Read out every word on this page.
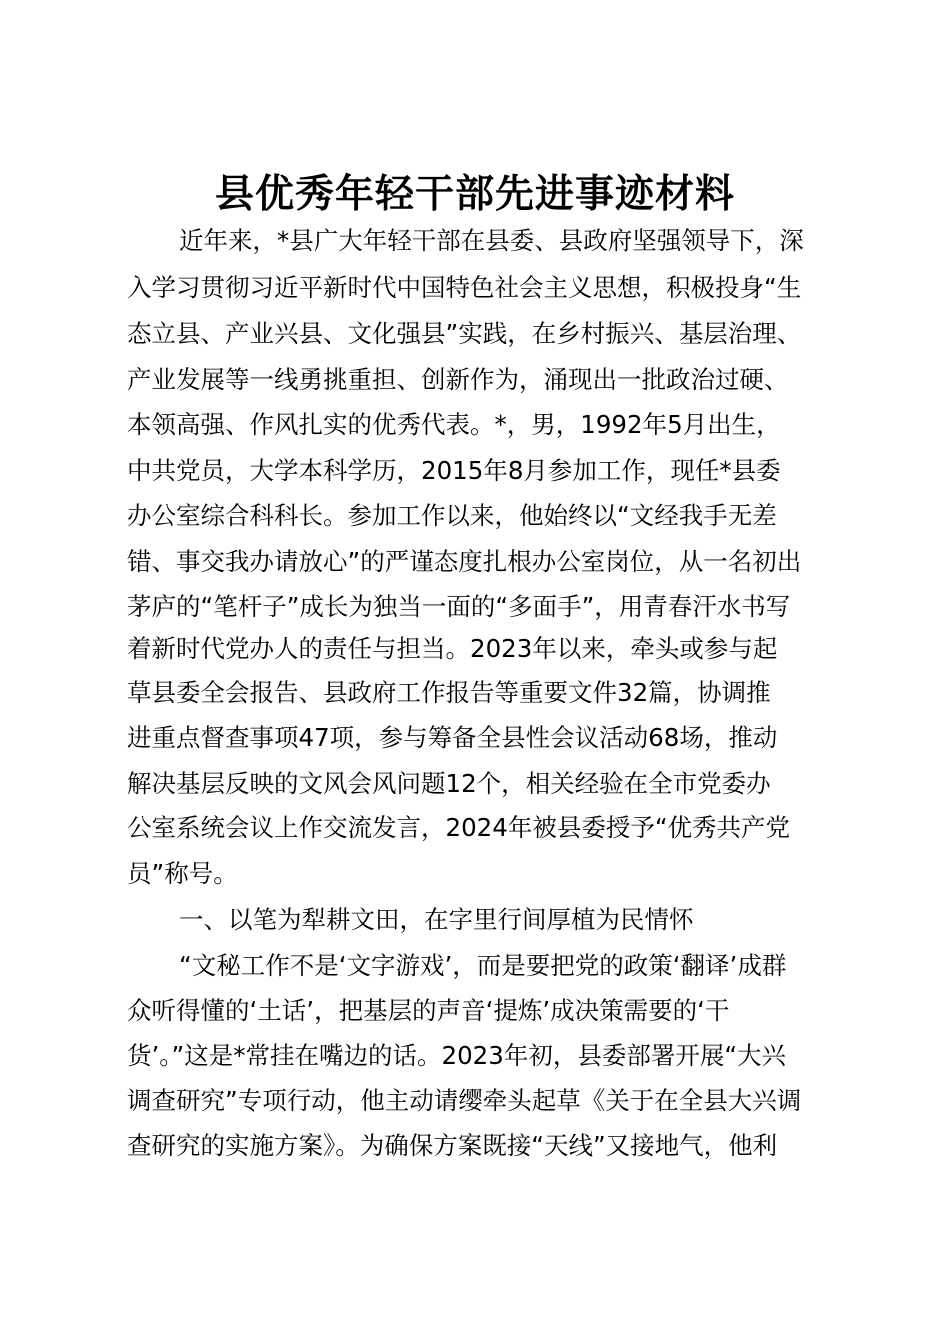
县优秀年轻干部先进事迹材料
近年来，*县广大年轻干部在县委、县政府坚强领导下，深
入学习贯彻习近平新时代中国特色社会主义思想，积极投身“生
态立县、产业兴县、文化强县”实践，在乡村振兴、基层治理、
产业发展等一线勇挑重担、创新作为，涌现出一批政治过硬、
本领高强、作风扎实的优秀代表。*，男，1992年5月出生，
中共党员，大学本科学历，2015年8月参加工作，现任*县委
办公室综合科科长。参加工作以来，他始终以“文经我手无差
错、事交我办请放心”的严谨态度扎根办公室岗位，从一名初出
茅庐的“笔杆子”成长为独当一面的“多面手”，用青春汗水书写
着新时代党办人的责任与担当。2023年以来，牵头或参与起
草县委全会报告、县政府工作报告等重要文件32篇，协调推
进重点督查事项47项，参与筹备全县性会议活动68场，推动
解决基层反映的文风会风问题12个，相关经验在全市党委办
公室系统会议上作交流发言，2024年被县委授予“优秀共产党
员”称号。
一、以笔为犁耕文田，在字里行间厚植为民情怀
“文秘工作不是‘文字游戏’，而是要把党的政策‘翻译’成群
众听得懂的‘土话’，把基层的声音‘提炼’成决策需要的‘干
货’。”这是*常挂在嘴边的话。2023年初，县委部署开展“大兴
调查研究”专项行动，他主动请缨牵头起草《关于在全县大兴调
查研究的实施方案》。为确保方案既接“天线”又接地气，他利
